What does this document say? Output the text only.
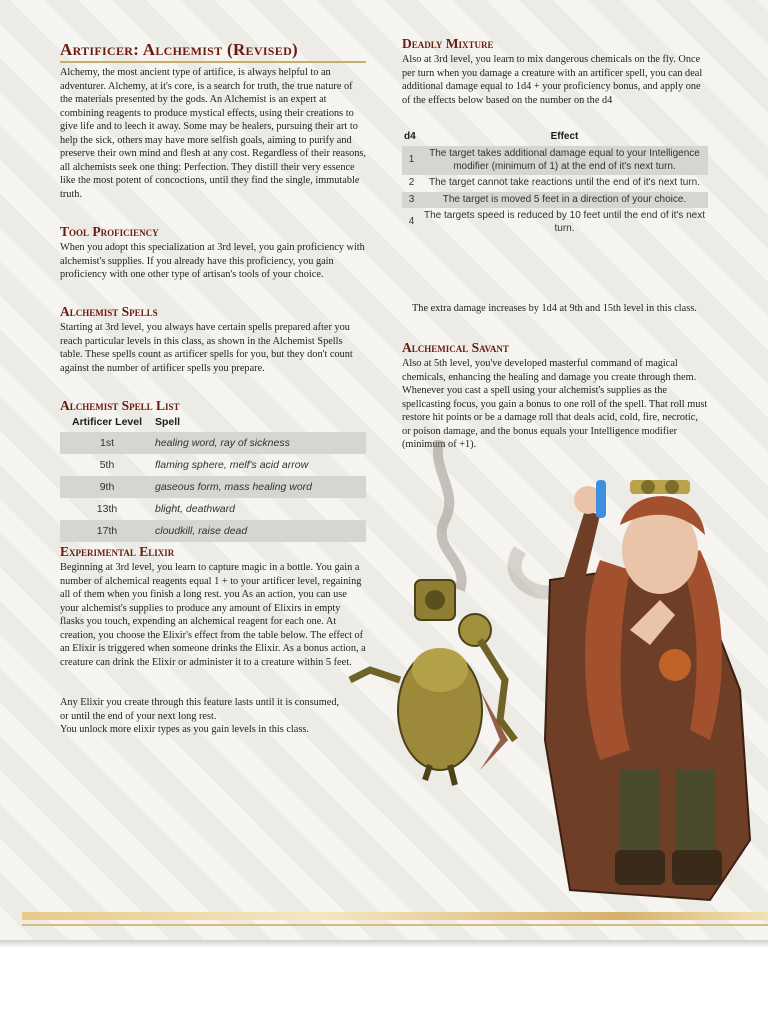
Artificer: Alchemist (Revised)

Alchemy, the most ancient type of artifice, is always helpful to an adventurer. Alchemy, at it's core, is a search for truth, the true nature of the materials presented by the gods. An Alchemist is an expert at combining reagents to produce mystical effects, using their creations to give life and to leech it away. Some may be healers, pursuing their art to help the sick, others may have more selfish goals, aiming to purify and preserve their own mind and flesh at any cost. Regardless of their reasons, all alchemists seek one thing: Perfection. They distill their very essence like the most potent of concoctions, until they find the single, immutable truth.

Tool Proficiency

When you adopt this specialization at 3rd level, you gain proficiency with alchemist's supplies. If you already have this proficiency, you gain proficiency with one other type of artisan's tools of your choice.

Alchemist Spells

Starting at 3rd level, you always have certain spells prepared after you reach particular levels in this class, as shown in the Alchemist Spells table. These spells count as artificer spells for you, but they don't count against the number of artificer spells you prepare.

Alchemist Spell List
Artificer Level	Spell
1st	healing word, ray of sickness
5th	flaming sphere, melf's acid arrow
9th	gaseous form, mass healing word
13th	blight, deathward
17th	cloudkill, raise dead
Experimental Elixir

Beginning at 3rd level, you learn to capture magic in a bottle. You gain a number of alchemical reagents equal 1 + to your artificer level, regaining all of them when you finish a long rest. you As an action, you can use your alchemist's supplies to produce any amount of Elixirs in empty flasks you touch, expending an alchemical reagent for each one. At creation, you choose the Elixir's effect from the table below. The effect of an Elixir is triggered when someone drinks the Elixir. As a bonus action, a creature can drink the Elixir or administer it to a creature within 5 feet.

Any Elixir you create through this feature lasts until it is consumed, or until the end of your next long rest.

You unlock more elixir types as you gain levels in this class.

Deadly Mixture

Also at 3rd level, you learn to mix dangerous chemicals on the fly. Once per turn when you damage a creature with an artificer spell, you can deal additional damage equal to 1d4 + your proficiency bonus, and apply one of the effects below based on the number on the d4

d4	Effect
1	The target takes additional damage equal to your Intelligence modifier (minimum of 1) at the end of it's next turn.
2	The target cannot take reactions until the end of it's next turn.
3	The target is moved 5 feet in a direction of your choice.
4	The targets speed is reduced by 10 feet until the end of it's next turn.

The extra damage increases by 1d4 at 9th and 15th level in this class.

Alchemical Savant

Also at 5th level, you've developed masterful command of magical chemicals, enhancing the healing and damage you create through them. Whenever you cast a spell using your alchemist's supplies as the spellcasting focus, you gain a bonus to one roll of the spell. That roll must restore hit points or be a damage roll that deals acid, cold, fire, necrotic, or poison damage, and the bonus equals your Intelligence modifier (minimum of +1).
